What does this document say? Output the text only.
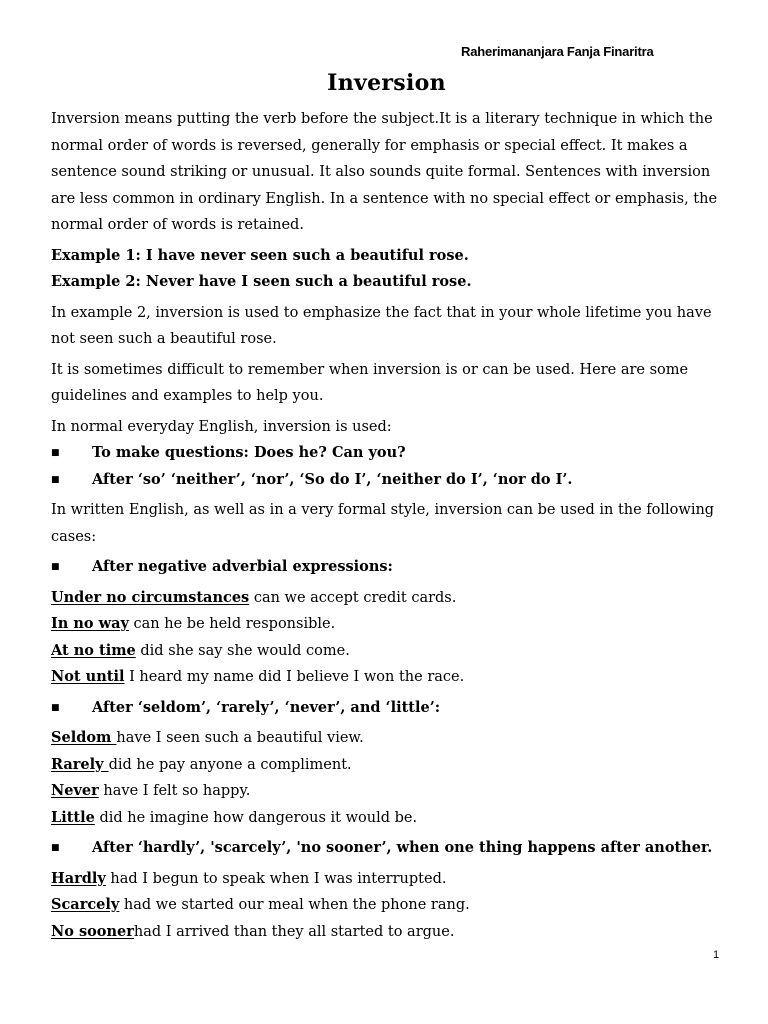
Raherimananjara Fanja Finaritra
Inversion

Inversion means putting the verb before the subject.It is a literary technique in which the normal order of words is reversed, generally for emphasis or special effect. It makes a sentence sound striking or unusual. It also sounds quite formal. Sentences with inversion are less common in ordinary English. In a sentence with no special effect or emphasis, the normal order of words is retained.

Example 1: I have never seen such a beautiful rose.

Example 2: Never have I seen such a beautiful rose.

In example 2, inversion is used to emphasize the fact that in your whole lifetime you have not seen such a beautiful rose.

It is sometimes difficult to remember when inversion is or can be used. Here are some guidelines and examples to help you.

In normal everyday English, inversion is used:

■ To make questions: Does he? Can you?
■ After ‘so’ ‘neither’, ‘nor’, ‘So do I’, ‘neither do I’, ‘nor do I’.

In written English, as well as in a very formal style, inversion can be used in the following cases:

■ After negative adverbial expressions:

Under no circumstances can we accept credit cards.

In no way can he be held responsible.

At no time did she say she would come.

Not until I heard my name did I believe I won the race.

■ After ‘seldom’, ‘rarely’, ‘never’, and ‘little’:

Seldom have I seen such a beautiful view.

Rarely did he pay anyone a compliment.

Never have I felt so happy.

Little did he imagine how dangerous it would be.

■ After ‘hardly’, 'scarcely’, 'no sooner’, when one thing happens after another.

Hardly had I begun to speak when I was interrupted.

Scarcely had we started our meal when the phone rang.

No soonerhad I arrived than they all started to argue.

1
